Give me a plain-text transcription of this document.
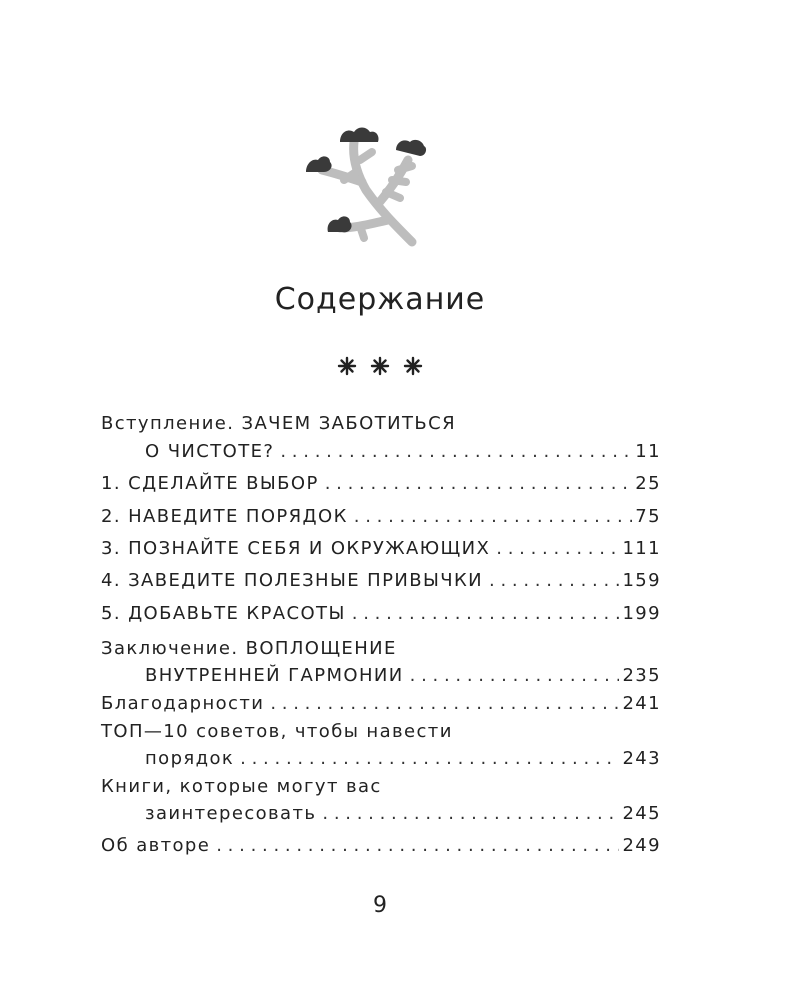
Содержание
Вступление. ЗАЧЕМ ЗАБОТИТЬСЯ
О ЧИСТОТЕ? . . .	11
1. СДЕЛАЙТЕ ВЫБОР . . .	25
2. НАВЕДИТЕ ПОРЯДОК . . .	75
3. ПОЗНАЙТЕ СЕБЯ И ОКРУЖАЮЩИХ . . .	111
4. ЗАВЕДИТЕ ПОЛЕЗНЫЕ ПРИВЫЧКИ . . .	159
5. ДОБАВЬТЕ КРАСОТЫ . . .	199
Заключение. ВОПЛОЩЕНИЕ
ВНУТРЕННЕЙ ГАРМОНИИ . . .	235
Благодарности . . .	241
ТОП—10 советов, чтобы навести
порядок . . .	243
Книги, которые могут вас
заинтересовать . . .	245
Об авторе . . .	249
9
